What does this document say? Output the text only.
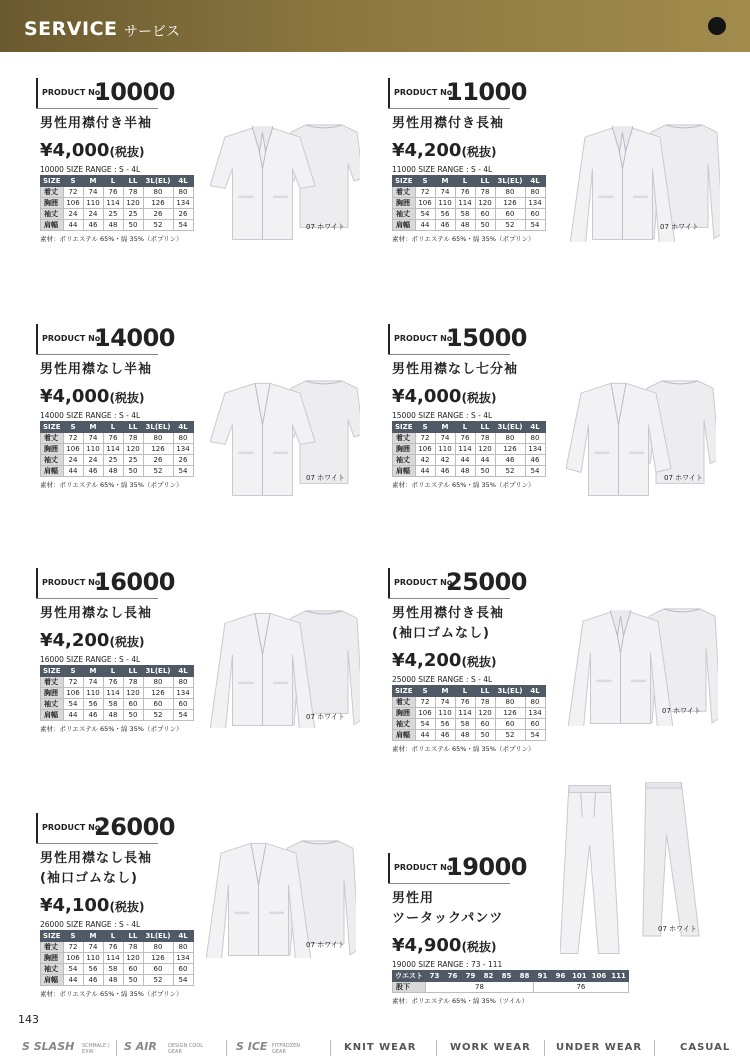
SERVICE サービス
PRODUCT No.
10000
男性用襟付き半袖
¥4,000(税抜)
10000 SIZE RANGE : S - 4L
SIZE	S	M	L	LL	3L(EL)	4L
着丈	72	74	76	78	80	80
胸囲	106	110	114	120	126	134
袖丈	24	24	25	25	26	26
肩幅	44	46	48	50	52	54
素材：ポリエステル 65%・綿 35%（ポプリン）
PRODUCT No.
11000
男性用襟付き長袖
¥4,200(税抜)
11000 SIZE RANGE : S - 4L
SIZE	S	M	L	LL	3L(EL)	4L
着丈	72	74	76	78	80	80
胸囲	106	110	114	120	126	134
袖丈	54	56	58	60	60	60
肩幅	44	46	48	50	52	54
素材：ポリエステル 65%・綿 35%（ポプリン）
PRODUCT No.
14000
男性用襟なし半袖
¥4,000(税抜)
14000 SIZE RANGE : S - 4L
SIZE	S	M	L	LL	3L(EL)	4L
着丈	72	74	76	78	80	80
胸囲	106	110	114	120	126	134
袖丈	24	24	25	25	26	26
肩幅	44	46	48	50	52	54
素材：ポリエステル 65%・綿 35%（ポプリン）
PRODUCT No.
15000
男性用襟なし七分袖
¥4,000(税抜)
15000 SIZE RANGE : S - 4L
SIZE	S	M	L	LL	3L(EL)	4L
着丈	72	74	76	78	80	80
胸囲	106	110	114	120	126	134
袖丈	42	42	44	44	46	46
肩幅	44	46	48	50	52	54
素材：ポリエステル 65%・綿 35%（ポプリン）
PRODUCT No.
16000
男性用襟なし長袖
¥4,200(税抜)
16000 SIZE RANGE : S - 4L
SIZE	S	M	L	LL	3L(EL)	4L
着丈	72	74	76	78	80	80
胸囲	106	110	114	120	126	134
袖丈	54	56	58	60	60	60
肩幅	44	46	48	50	52	54
素材：ポリエステル 65%・綿 35%（ポプリン）
PRODUCT No.
25000
男性用襟付き長袖
(袖口ゴムなし)
¥4,200(税抜)
25000 SIZE RANGE : S - 4L
SIZE	S	M	L	LL	3L(EL)	4L
着丈	72	74	76	78	80	80
胸囲	106	110	114	120	126	134
袖丈	54	56	58	60	60	60
肩幅	44	46	48	50	52	54
素材：ポリエステル 65%・綿 35%（ポプリン）
PRODUCT No.
26000
男性用襟なし長袖
(袖口ゴムなし)
¥4,100(税抜)
26000 SIZE RANGE : S - 4L
SIZE	S	M	L	LL	3L(EL)	4L
着丈	72	74	76	78	80	80
胸囲	106	110	114	120	126	134
袖丈	54	56	58	60	60	60
肩幅	44	46	48	50	52	54
素材：ポリエステル 65%・綿 35%（ポプリン）
PRODUCT No.
19000
男性用
ツータックパンツ
¥4,900(税抜)
19000 SIZE RANGE : 73 - 111
ウエスト	73	76	79	82	85	88	91	96	101	106	111
股下	78						76				
素材：ポリエステル 65%・綿 35%（ツイル）
143
S SLASH SCHMALE / EXW	S AIR DESIGN COOL GEAR	S ICE FITFROZEN GEAR	KNIT WEAR	WORK WEAR	UNDER WEAR	CASUAL
07 ホワイト	07 ホワイト
07 ホワイト	07 ホワイト
07 ホワイト
07 ホワイト
07 ホワイト
07 ホワイト
